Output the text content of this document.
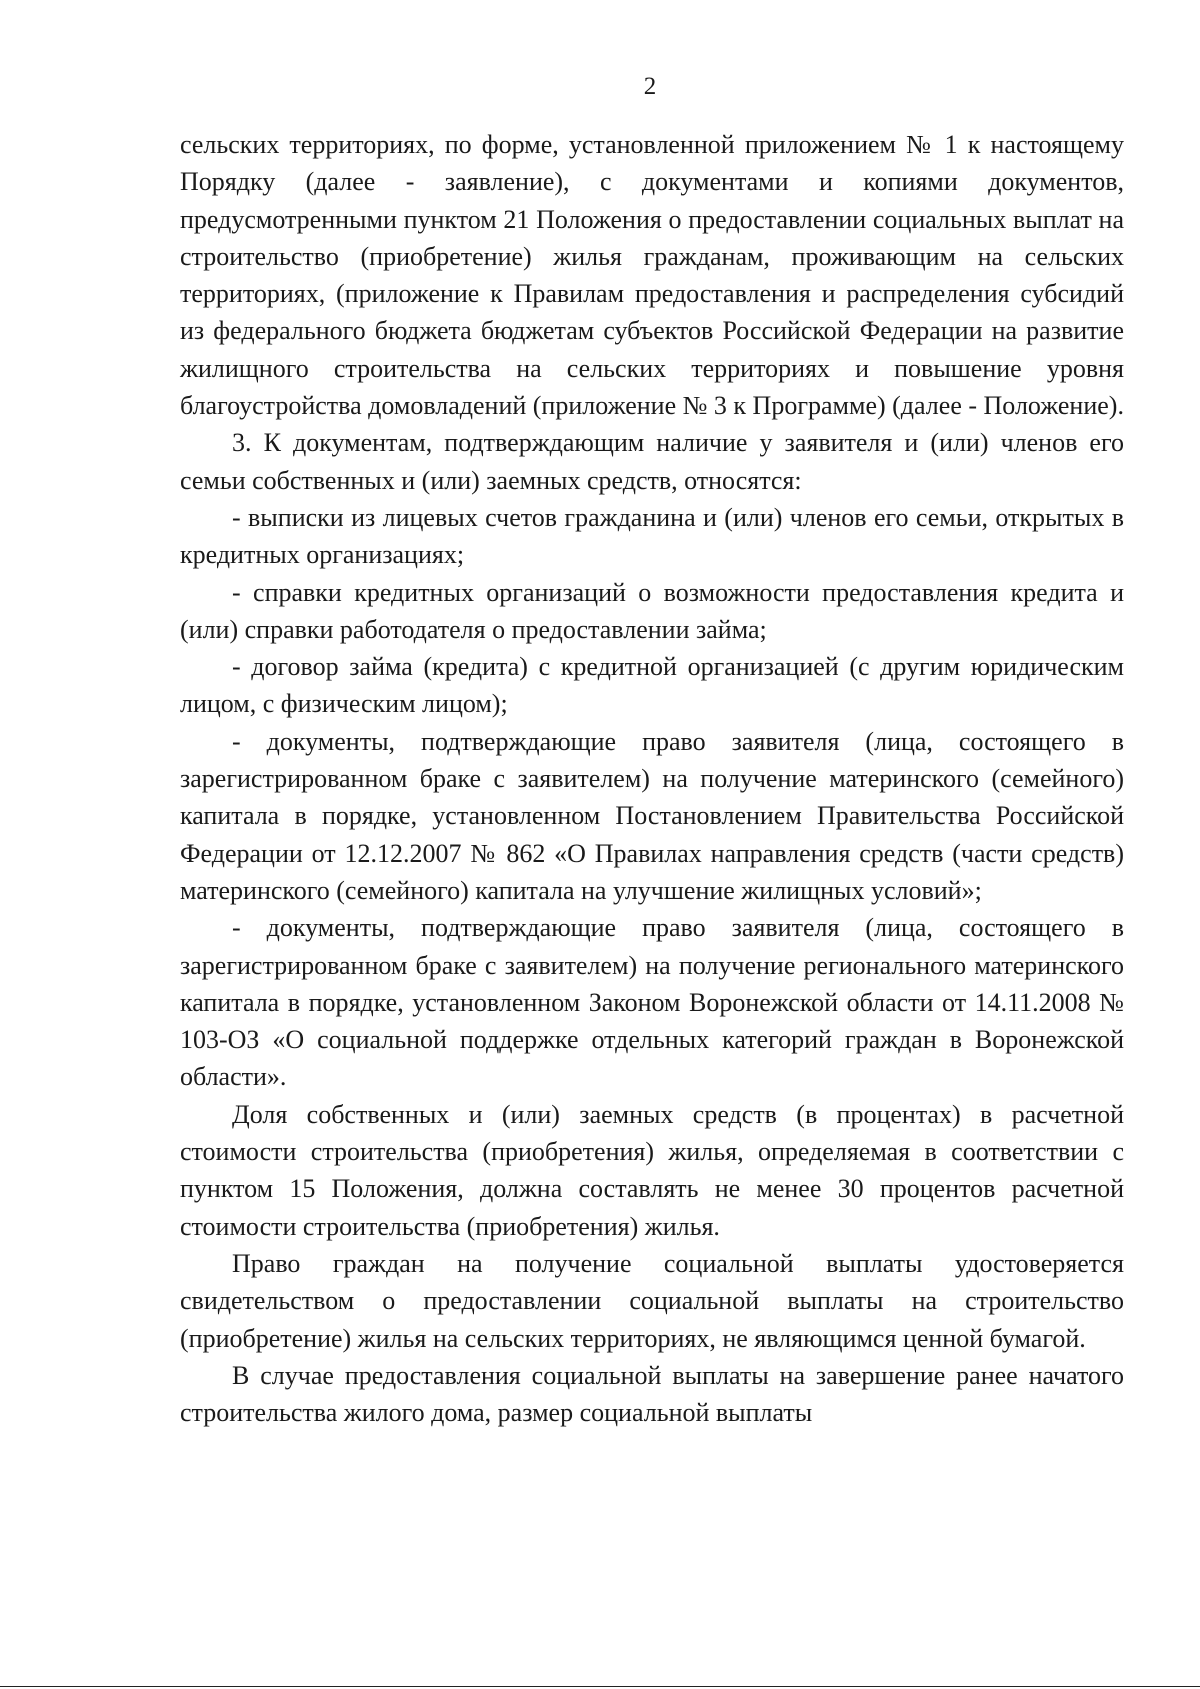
2

сельских территориях, по форме, установленной приложением № 1 к настоящему Порядку (далее - заявление), с документами и копиями документов, предусмотренными пунктом 21 Положения о предоставлении социальных выплат на строительство (приобретение) жилья гражданам, проживающим на сельских территориях, (приложение к Правилам предоставления и распределения субсидий из федерального бюджета бюджетам субъектов Российской Федерации на развитие жилищного строительства на сельских территориях и повышение уровня благоустройства домовладений (приложение № 3 к Программе) (далее - Положение).

3. К документам, подтверждающим наличие у заявителя и (или) членов его семьи собственных и (или) заемных средств, относятся:

- выписки из лицевых счетов гражданина и (или) членов его семьи, открытых в кредитных организациях;

- справки кредитных организаций о возможности предоставления кредита и (или) справки работодателя о предоставлении займа;

- договор займа (кредита) с кредитной организацией (с другим юридическим лицом, с физическим лицом);

- документы, подтверждающие право заявителя (лица, состоящего в зарегистрированном браке с заявителем) на получение материнского (семейного) капитала в порядке, установленном Постановлением Правительства Российской Федерации от 12.12.2007 № 862 «О Правилах направления средств (части средств) материнского (семейного) капитала на улучшение жилищных условий»;

- документы, подтверждающие право заявителя (лица, состоящего в зарегистрированном браке с заявителем) на получение регионального материнского капитала в порядке, установленном Законом Воронежской области от 14.11.2008 № 103-ОЗ «О социальной поддержке отдельных категорий граждан в Воронежской области».

Доля собственных и (или) заемных средств (в процентах) в расчетной стоимости строительства (приобретения) жилья, определяемая в соответствии с пунктом 15 Положения, должна составлять не менее 30 процентов расчетной стоимости строительства (приобретения) жилья.

Право граждан на получение социальной выплаты удостоверяется свидетельством о предоставлении социальной выплаты на строительство (приобретение) жилья на сельских территориях, не являющимся ценной бумагой.

В случае предоставления социальной выплаты на завершение ранее начатого строительства жилого дома, размер социальной выплаты
